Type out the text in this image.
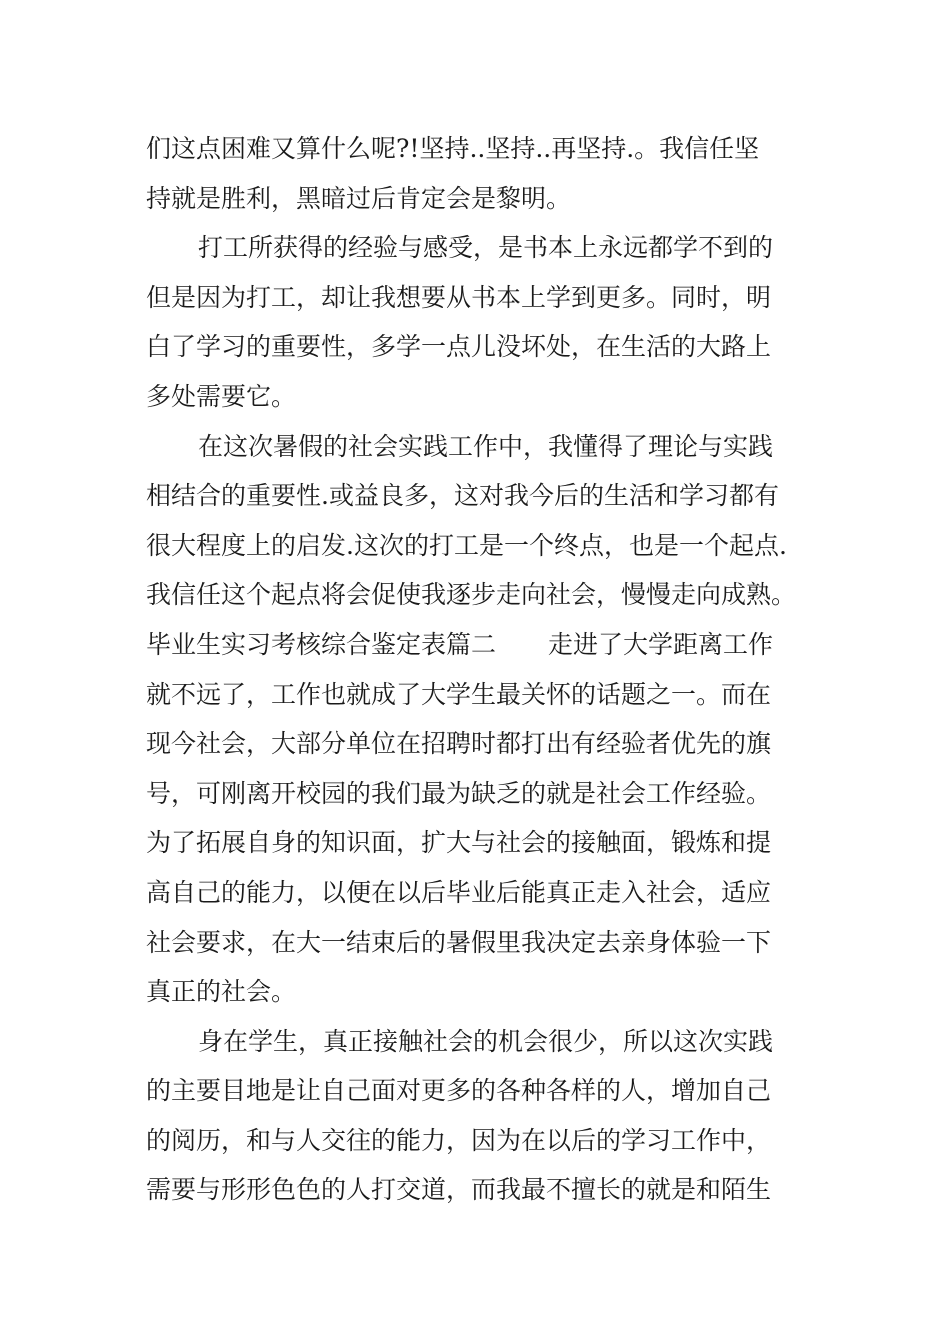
们这点困难又算什么呢?!坚持..坚持..再坚持.。我信任坚
持就是胜利，黑暗过后肯定会是黎明。
打工所获得的经验与感受，是书本上永远都学不到的
但是因为打工，却让我想要从书本上学到更多。同时，明
白了学习的重要性，多学一点儿没坏处，在生活的大路上
多处需要它。
在这次暑假的社会实践工作中，我懂得了理论与实践
相结合的重要性.或益良多，这对我今后的生活和学习都有
很大程度上的启发.这次的打工是一个终点，也是一个起点.
我信任这个起点将会促使我逐步走向社会，慢慢走向成熟。
毕业生实习考核综合鉴定表篇二 走进了大学距离工作
就不远了，工作也就成了大学生最关怀的话题之一。而在
现今社会，大部分单位在招聘时都打出有经验者优先的旗
号，可刚离开校园的我们最为缺乏的就是社会工作经验。
为了拓展自身的知识面，扩大与社会的接触面，锻炼和提
高自己的能力，以便在以后毕业后能真正走入社会，适应
社会要求，在大一结束后的暑假里我决定去亲身体验一下
真正的社会。
身在学生，真正接触社会的机会很少，所以这次实践
的主要目地是让自己面对更多的各种各样的人，增加自己
的阅历，和与人交往的能力，因为在以后的学习工作中，
需要与形形色色的人打交道，而我最不擅长的就是和陌生
